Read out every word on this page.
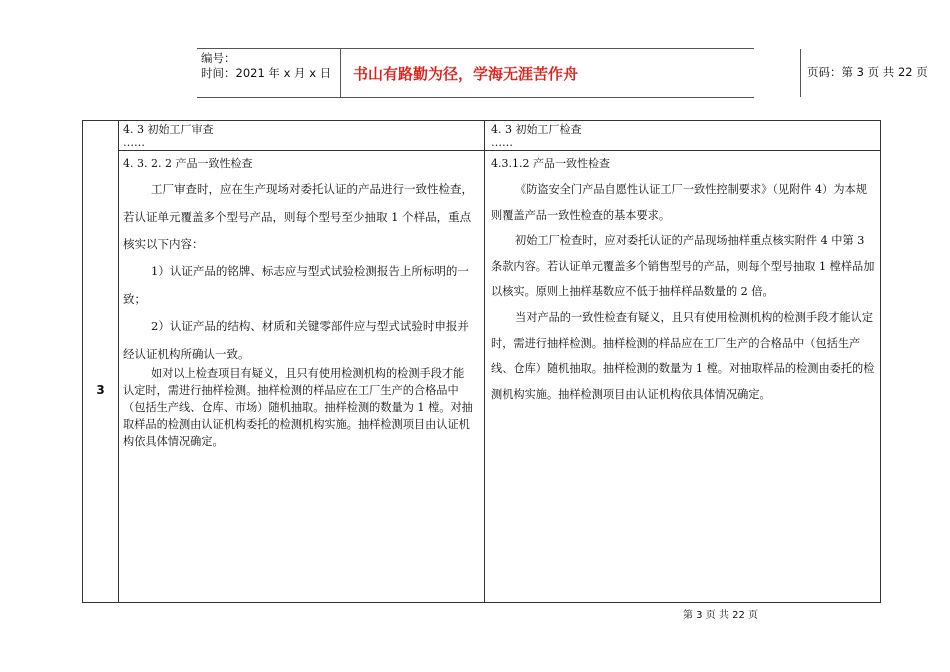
编号：
时间：2021 年 x 月 x 日	书山有路勤为径，学海无涯苦作舟	页码：第 3 页 共 22 页
3
4. 3 初始工厂审查
……
4. 3. 2. 2 产品一致性检查
工厂审查时，应在生产现场对委托认证的产品进行一致性检查，若认证单元覆盖多个型号产品，则每个型号至少抽取 1 个样品，重点核实以下内容：
1）认证产品的铭牌、标志应与型式试验检测报告上所标明的一致；
2）认证产品的结构、材质和关键零部件应与型式试验时申报并经认证机构所确认一致。
如对以上检查项目有疑义，且只有使用检测机构的检测手段才能认定时，需进行抽样检测。抽样检测的样品应在工厂生产的合格品中（包括生产线、仓库、市场）随机抽取。抽样检测的数量为 1 樘。对抽取样品的检测由认证机构委托的检测机构实施。抽样检测项目由认证机构依具体情况确定。
4. 3 初始工厂检查
……
4.3.1.2 产品一致性检查
《防盗安全门产品自愿性认证工厂一致性控制要求》（见附件 4）为本规则覆盖产品一致性检查的基本要求。
初始工厂检查时，应对委托认证的产品现场抽样重点核实附件 4 中第 3 条款内容。若认证单元覆盖多个销售型号的产品，则每个型号抽取 1 樘样品加以核实。原则上抽样基数应不低于抽样样品数量的 2 倍。
当对产品的一致性检查有疑义，且只有使用检测机构的检测手段才能认定时，需进行抽样检测。抽样检测的样品应在工厂生产的合格品中（包括生产线、仓库）随机抽取。抽样检测的数量为 1 樘。对抽取样品的检测由委托的检测机构实施。抽样检测项目由认证机构依具体情况确定。
第 3 页 共 22 页
